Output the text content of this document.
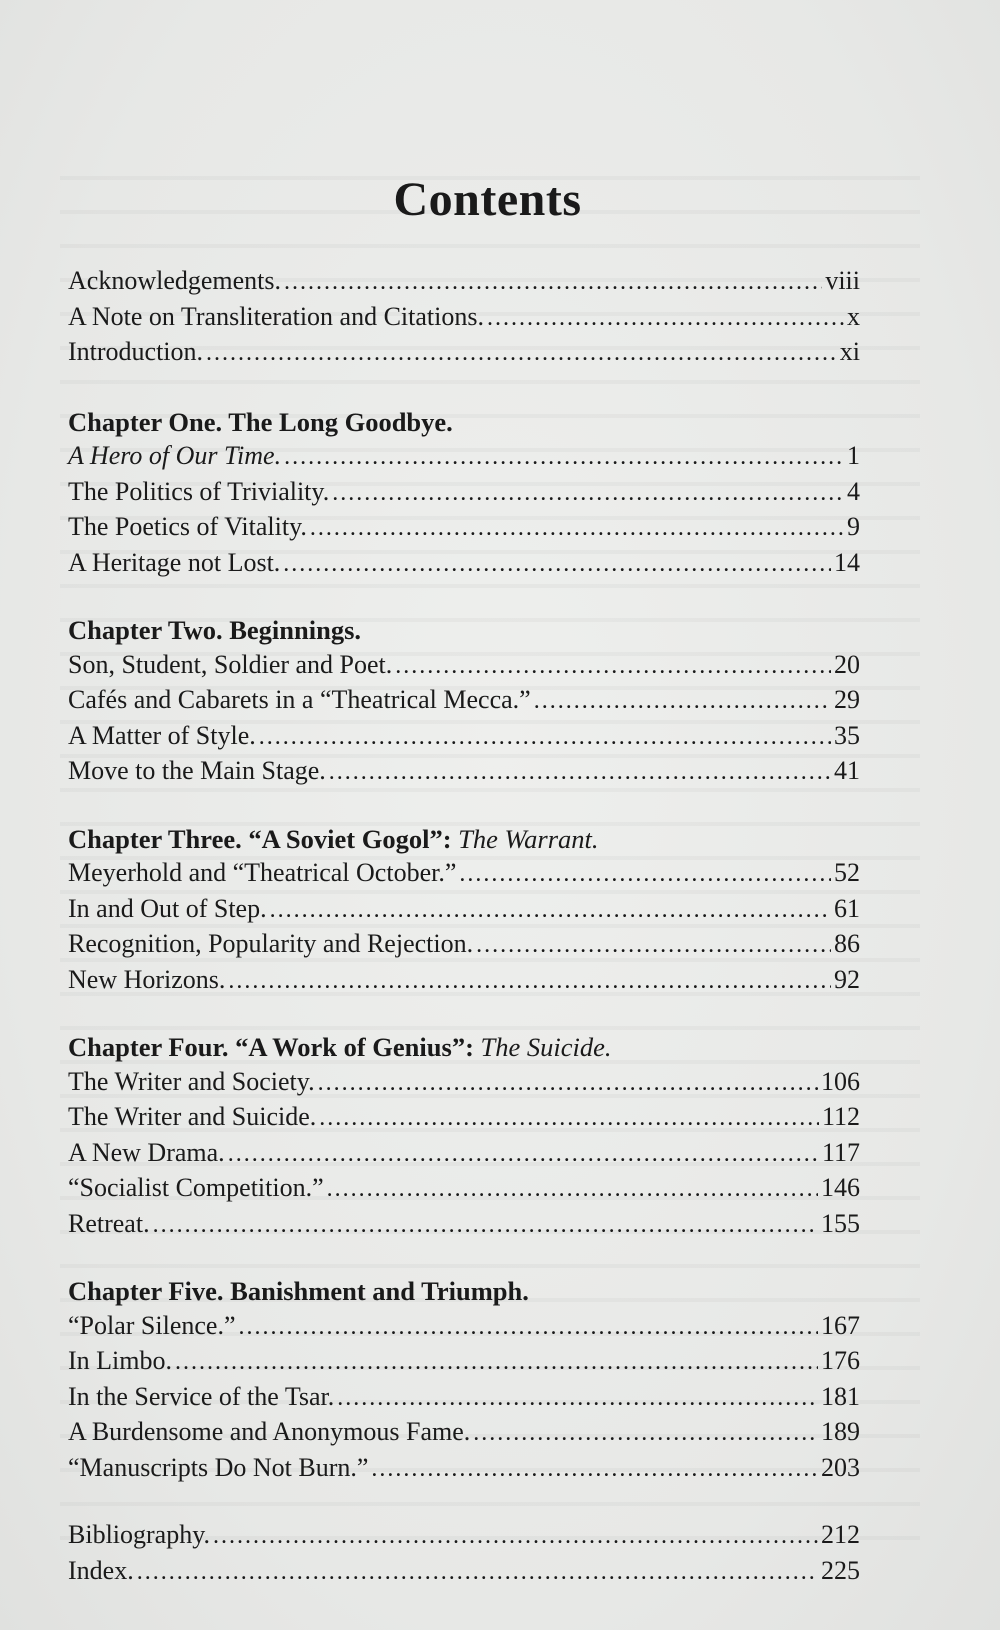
Contents
Acknowledgements. .....	viii
A Note on Transliteration and Citations. .....	x
Introduction. .....	xi
Chapter One. The Long Goodbye.
A Hero of Our Time. .....	1
The Politics of Triviality. .....	4
The Poetics of Vitality. .....	9
A Heritage not Lost. .....	14
Chapter Two. Beginnings.
Son, Student, Soldier and Poet. .....	20
Cafés and Cabarets in a “Theatrical Mecca.” .....	29
A Matter of Style. .....	35
Move to the Main Stage. .....	41
Chapter Three. “A Soviet Gogol”: The Warrant.
Meyerhold and “Theatrical October.” .....	52
In and Out of Step. .....	61
Recognition, Popularity and Rejection. .....	86
New Horizons. .....	92
Chapter Four. “A Work of Genius”: The Suicide.
The Writer and Society. .....	106
The Writer and Suicide. .....	112
A New Drama. .....	117
“Socialist Competition.” .....	146
Retreat. .....	155
Chapter Five. Banishment and Triumph.
“Polar Silence.” .....	167
In Limbo. .....	176
In the Service of the Tsar. .....	181
A Burdensome and Anonymous Fame. .....	189
“Manuscripts Do Not Burn.” .....	203
Bibliography. .....	212
Index. .....	225
